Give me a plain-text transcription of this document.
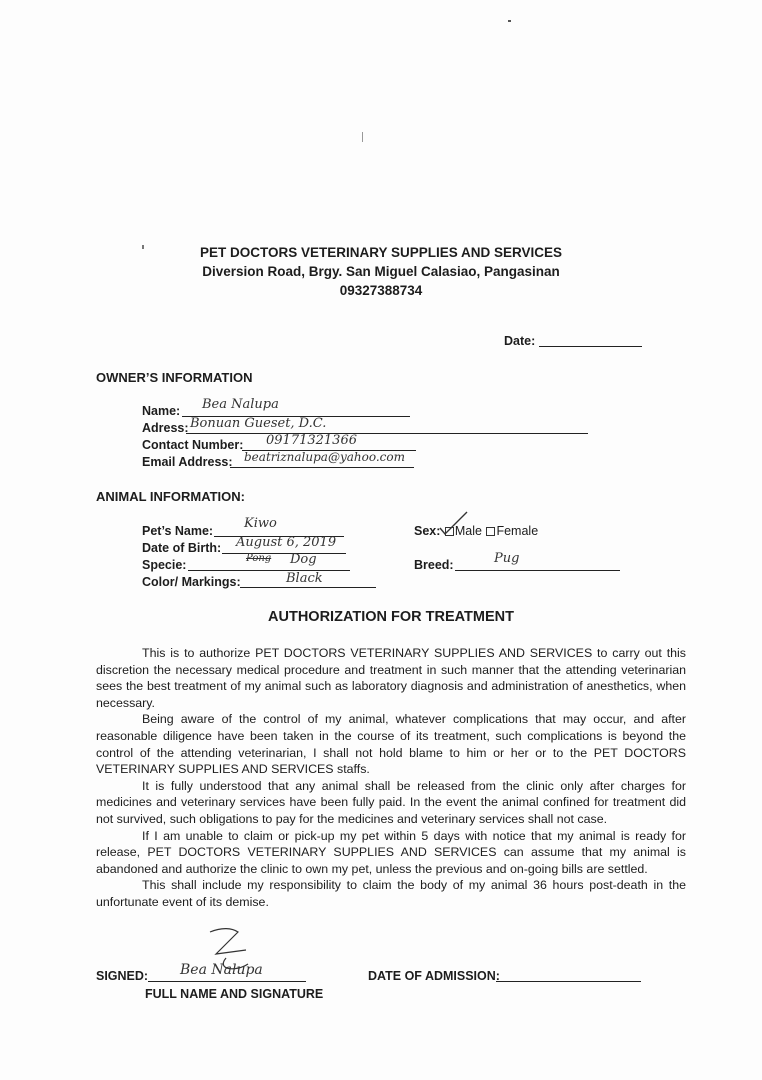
PET DOCTORS VETERINARY SUPPLIES AND SERVICES
Diversion Road, Brgy. San Miguel Calasiao, Pangasinan
09327388734
Date:
OWNER’S INFORMATION
Name: Bea Nalupa
Adress: Bonuan Gueset, D.C.
Contact Number: 09171321366
Email Address: beatriznalupa@yahoo.com
ANIMAL INFORMATION:
Pet’s Name: Kiwo
Date of Birth: August 6, 2019
Specie:	Pong Dog
Color/ Markings:	Black
Sex: Male Female
Breed:	Pug
AUTHORIZATION FOR TREATMENT

This is to authorize PET DOCTORS VETERINARY SUPPLIES AND SERVICES to carry out this discretion the necessary medical procedure and treatment in such manner that the attending veterinarian sees the best treatment of my animal such as laboratory diagnosis and administration of anesthetics, when necessary.

Being aware of the control of my animal, whatever complications that may occur, and after reasonable diligence have been taken in the course of its treatment, such complications is beyond the control of the attending veterinarian, I shall not hold blame to him or her or to the PET DOCTORS VETERINARY SUPPLIES AND SERVICES staffs.

It is fully understood that any animal shall be released from the clinic only after charges for medicines and veterinary services have been fully paid. In the event the animal confined for treatment did not survived, such obligations to pay for the medicines and veterinary services shall not case.

If I am unable to claim or pick-up my pet within 5 days with notice that my animal is ready for release, PET DOCTORS VETERINARY SUPPLIES AND SERVICES can assume that my animal is abandoned and authorize the clinic to own my pet, unless the previous and on-going bills are settled.

This shall include my responsibility to claim the body of my animal 36 hours post-death in the unfortunate event of its demise.

SIGNED: Bea Nalupa
FULL NAME AND SIGNATURE
DATE OF ADMISSION:
